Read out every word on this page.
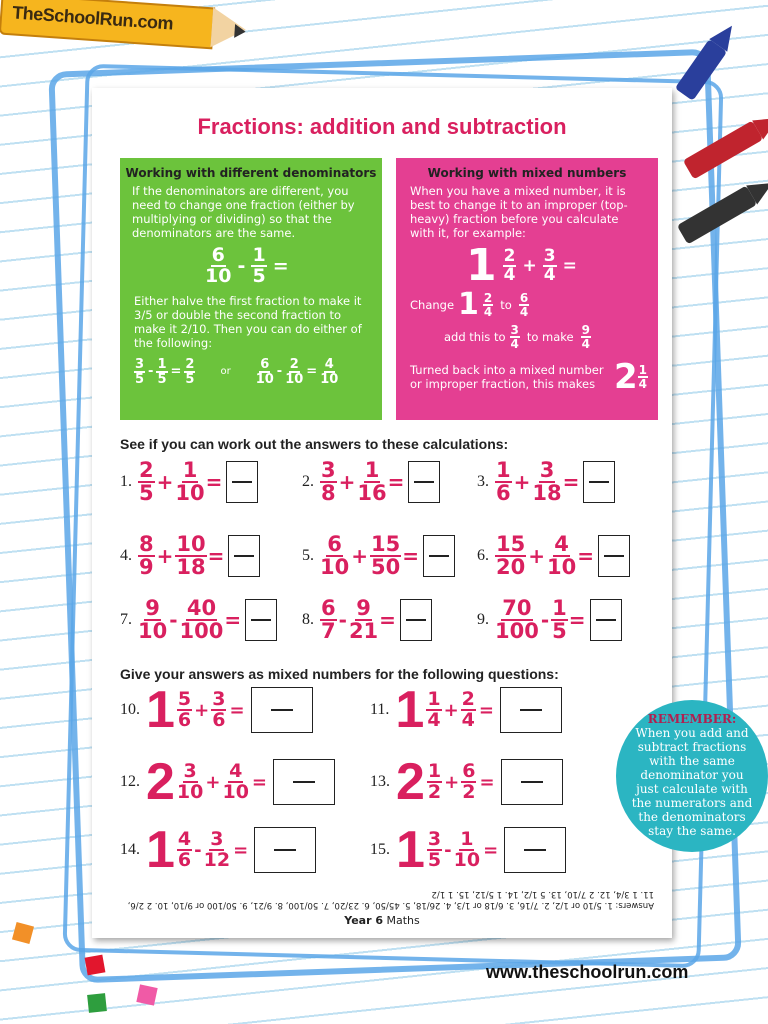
TheSchoolRun.com
Fractions: addition and subtraction
Working with different denominators
If the denominators are different, you need to change one fraction (either by multiplying or dividing) so that the denominators are the same.
$\frac{6}{10} - \frac{1}{5}$ =
Either halve the first fraction to make it 3/5 or double the second fraction to make it 2/10. Then you can do either of the following:
$\frac{3}{5} - \frac{1}{5} = \frac{2}{5}$	or $\frac{6}{10} - \frac{2}{10} = \frac{4}{10}$
Working with mixed numbers
When you have a mixed number, it is best to change it to an improper (top-heavy) fraction before you calculate with it, for example:
$1 \frac{2}{4} + \frac{3}{4}$ =
Change $1 \frac{2}{4}$ to $\frac{6}{4}$
add this to $\frac{3}{4}$ to make $\frac{9}{4}$
Turned back into a mixed number or improper fraction, this makes $2 \frac{1}{4}$
See if you can work out the answers to these calculations:
1. $\frac{2}{5} + \frac{1}{10}$ =	2. $\frac{3}{8} + \frac{1}{16}$ =	3. $\frac{1}{6} + \frac{3}{18}$ =
4. $\frac{8}{9} + \frac{10}{18}$ =	5. $\frac{6}{10} + \frac{15}{50}$ =	6. $\frac{15}{20} + \frac{4}{10}$ =
7. $\frac{9}{10} - \frac{40}{100}$ =	8. $\frac{6}{7} - \frac{9}{21}$ =	9. $\frac{70}{100} - \frac{1}{5}$ =
Give your answers as mixed numbers for the following questions:
10. $1 \frac{5}{6} + \frac{3}{6}$ =	11. $1 \frac{1}{4} + \frac{2}{4}$ =
12. $2 \frac{3}{10} + \frac{4}{10}$ =	13. $2 \frac{1}{2} + \frac{6}{2}$ =
14. $1 \frac{4}{6} - \frac{3}{12}$ =	15. $1 \frac{3}{5} - \frac{1}{10}$ =
Answers: 1. 5/10 or 1/2, 2. 7/16, 3. 6/18 or 1/3, 4. 26/18, 5. 45/50, 6. 23/20, 7. 50/100, 8. 9/21, 9. 50/100 or 9/10, 10. 2 2/6, 11. 1 3/4, 12. 2 7/10, 13. 5 1/2, 14. 1 5/12, 15. 1 1/2
Year 6 Maths
REMEMBER:
When you add and subtract fractions with the same denominator you just calculate with the numerators and the denominators stay the same.
www.theschoolrun.com
